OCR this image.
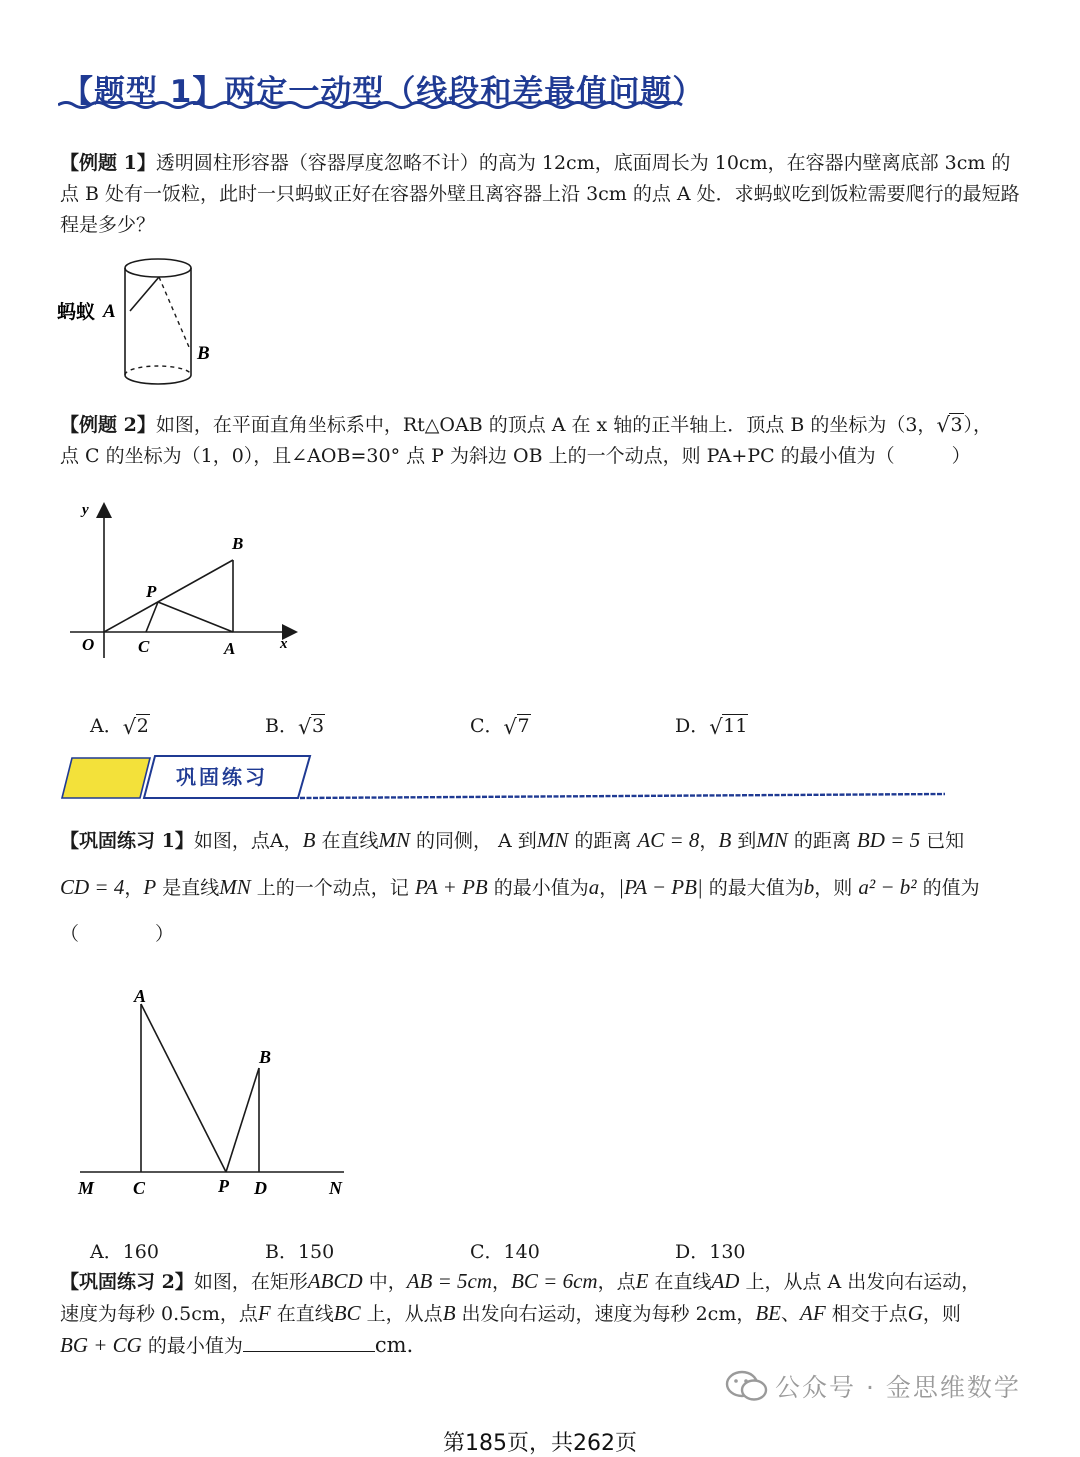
【题型 1】两定一动型（线段和差最值问题）
【例题 1】透明圆柱形容器（容器厚度忽略不计）的高为 12cm，底面周长为 10cm，在容器内壁离底部 3cm 的点 B 处有一饭粒，此时一只蚂蚁正好在容器外壁且离容器上沿 3cm 的点 A 处．求蚂蚁吃到饭粒需要爬行的最短路程是多少？
蚂蚁 A
B
【例题 2】如图，在平面直角坐标系中，Rt△OAB 的顶点 A 在 x 轴的正半轴上．顶点 B 的坐标为（3， √ 3），
点 C 的坐标为（1，0），且∠AOB=30° 点 P 为斜边 OB 上的一个动点，则 PA+PC 的最小值为（　　　）
y
x
O	C	A
P
B
A． √ 2	B． √ 3	C． √ 7	D． √ 11
巩固练习
【巩固练习 1】如图，点A，B 在直线MN 的同侧， A 到MN 的距离 AC = 8，B 到MN 的距离 BD = 5 已知
CD = 4，P 是直线MN 上的一个动点，记 PA + PB 的最小值为a，|PA − PB| 的最大值为b，则 a² − b² 的值为
（　　　　）
A
B
M C	P D	N
A．160	B．150	C．140	D．130
【巩固练习 2】如图，在矩形ABCD 中，AB = 5cm，BC = 6cm，点E 在直线AD 上，从点 A 出发向右运动，
速度为每秒 0.5cm，点F 在直线BC 上，从点B 出发向右运动，速度为每秒 2cm，BE、AF 相交于点G，则
BG + CG 的最小值为	cm．
公众号 · 金思维数学
第185页，共262页
